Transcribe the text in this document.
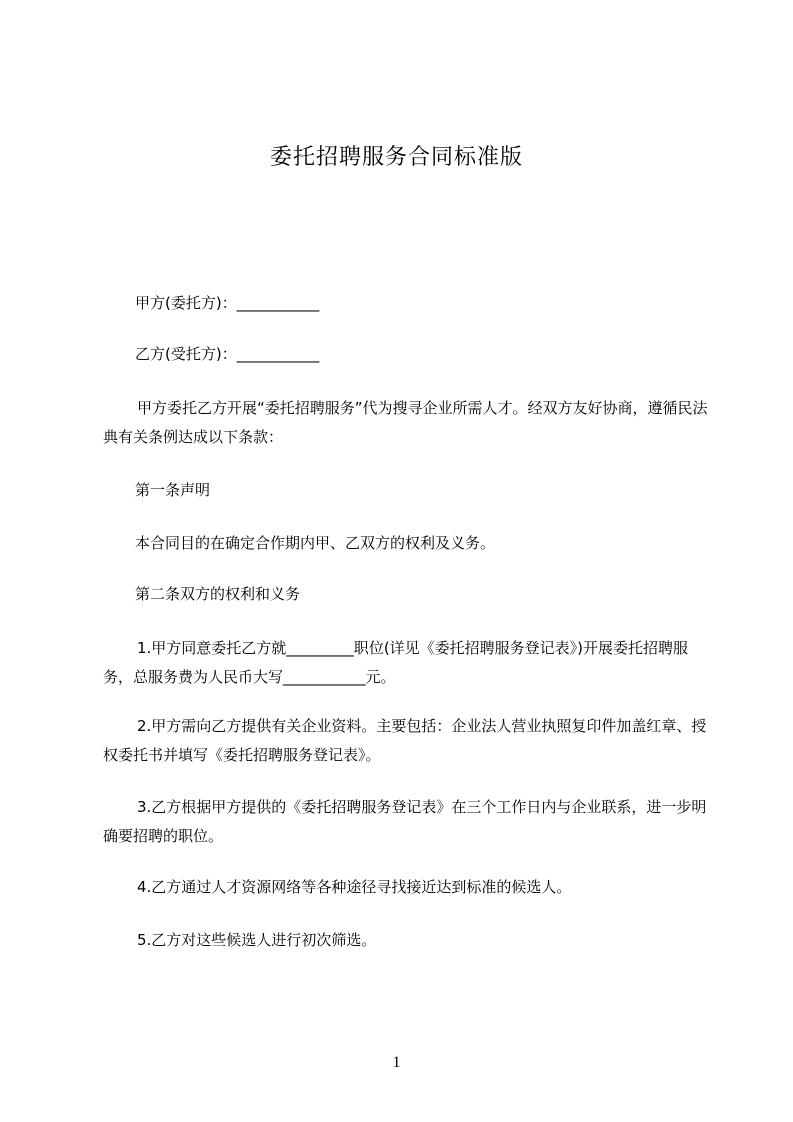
委托招聘服务合同标准版

甲方(委托方)：___________

乙方(受托方)：___________

甲方委托乙方开展“委托招聘服务”代为搜寻企业所需人才。经双方友好协商，遵循民法典有关条例达成以下条款：

第一条声明

本合同目的在确定合作期内甲、乙双方的权利及义务。

第二条双方的权利和义务

1.甲方同意委托乙方就_________职位(详见《委托招聘服务登记表》)开展委托招聘服务，总服务费为人民币大写___________元。

2.甲方需向乙方提供有关企业资料。主要包括：企业法人营业执照复印件加盖红章、授权委托书并填写《委托招聘服务登记表》。

3.乙方根据甲方提供的《委托招聘服务登记表》在三个工作日内与企业联系，进一步明确要招聘的职位。

4.乙方通过人才资源网络等各种途径寻找接近达到标准的候选人。

5.乙方对这些候选人进行初次筛选。

1
